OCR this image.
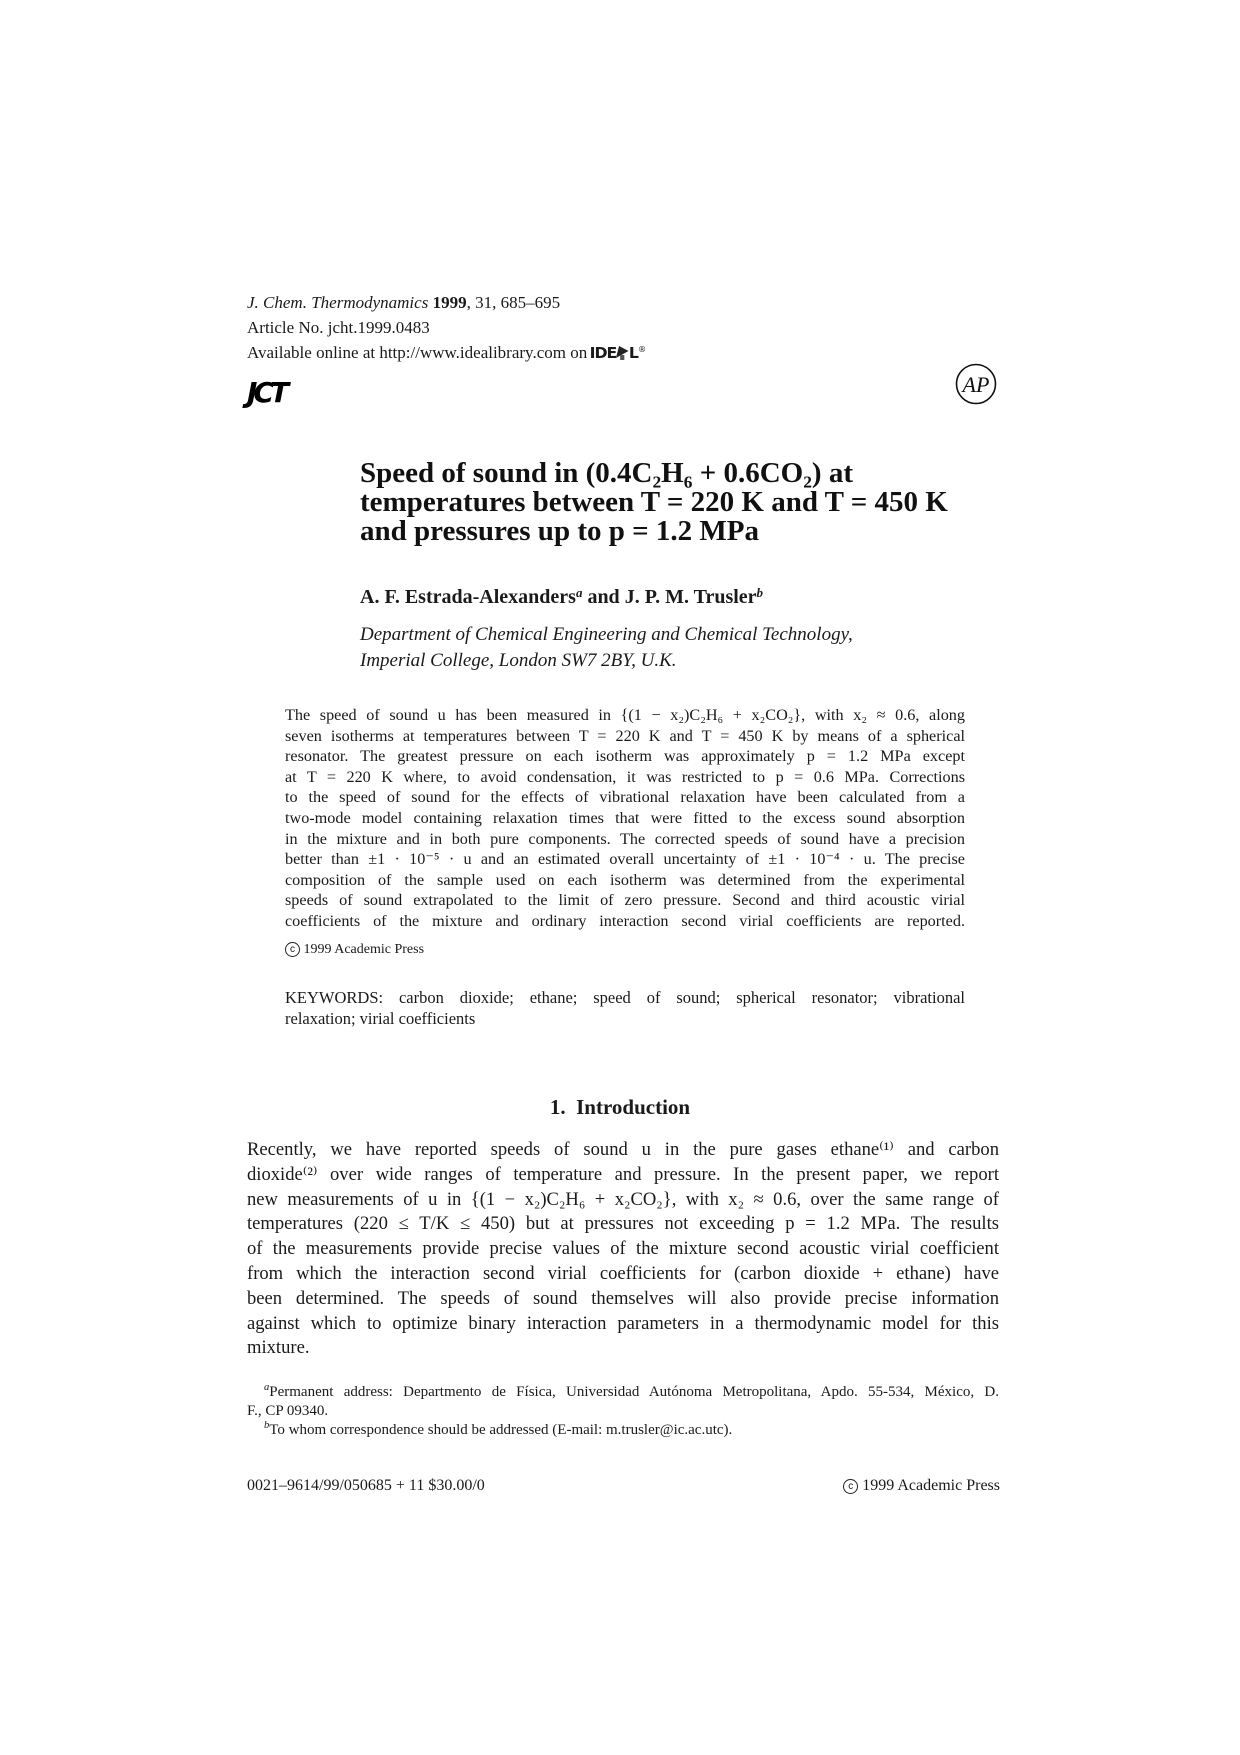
J. Chem. Thermodynamics 1999, 31, 685–695
Article No. jcht.1999.0483
Available online at http://www.idealibrary.com on IDE L®
JCT	AP
Speed of sound in (0.4C₂H₆ + 0.6CO₂) at
temperatures between T = 220 K and T = 450 K
and pressures up to p = 1.2 MPa
A. F. Estrada-Alexanders$^a$ and J. P. M. Trusler$^b$
Department of Chemical Engineering and Chemical Technology,
Imperial College, London SW7 2BY, U.K.
The speed of sound u has been measured in {(1 − x₂)C₂H₆ + x₂CO₂}, with x₂ ≈ 0.6, along
seven isotherms at temperatures between T = 220 K and T = 450 K by means of a spherical
resonator. The greatest pressure on each isotherm was approximately p = 1.2 MPa except
at T = 220 K where, to avoid condensation, it was restricted to p = 0.6 MPa. Corrections
to the speed of sound for the effects of vibrational relaxation have been calculated from a
two-mode model containing relaxation times that were fitted to the excess sound absorption
in the mixture and in both pure components. The corrected speeds of sound have a precision
better than ±1 · 10⁻⁵ · u and an estimated overall uncertainty of ±1 · 10⁻⁴ · u. The precise
composition of the sample used on each isotherm was determined from the experimental
speeds of sound extrapolated to the limit of zero pressure. Second and third acoustic virial
coefficients of the mixture and ordinary interaction second virial coefficients are reported.
c 1999 Academic Press
KEYWORDS: carbon dioxide; ethane; speed of sound; spherical resonator; vibrational
relaxation; virial coefficients
1.  Introduction
Recently, we have reported speeds of sound u in the pure gases ethane⁽¹⁾ and carbon
dioxide⁽²⁾ over wide ranges of temperature and pressure. In the present paper, we report
new measurements of u in {(1 − x₂)C₂H₆ + x₂CO₂}, with x₂ ≈ 0.6, over the same range of
temperatures (220 ≤ T/K ≤ 450) but at pressures not exceeding p = 1.2 MPa. The results
of the measurements provide precise values of the mixture second acoustic virial coefficient
from which the interaction second virial coefficients for (carbon dioxide + ethane) have
been determined. The speeds of sound themselves will also provide precise information
against which to optimize binary interaction parameters in a thermodynamic model for this
mixture.
$^a$Permanent address: Departmento de Física, Universidad Autónoma Metropolitana, Apdo. 55-534, México, D.
F., CP 09340.
$^b$To whom correspondence should be addressed (E-mail: m.trusler@ic.ac.utc).
0021–9614/99/050685 + 11 $30.00/0	c 1999 Academic Press
